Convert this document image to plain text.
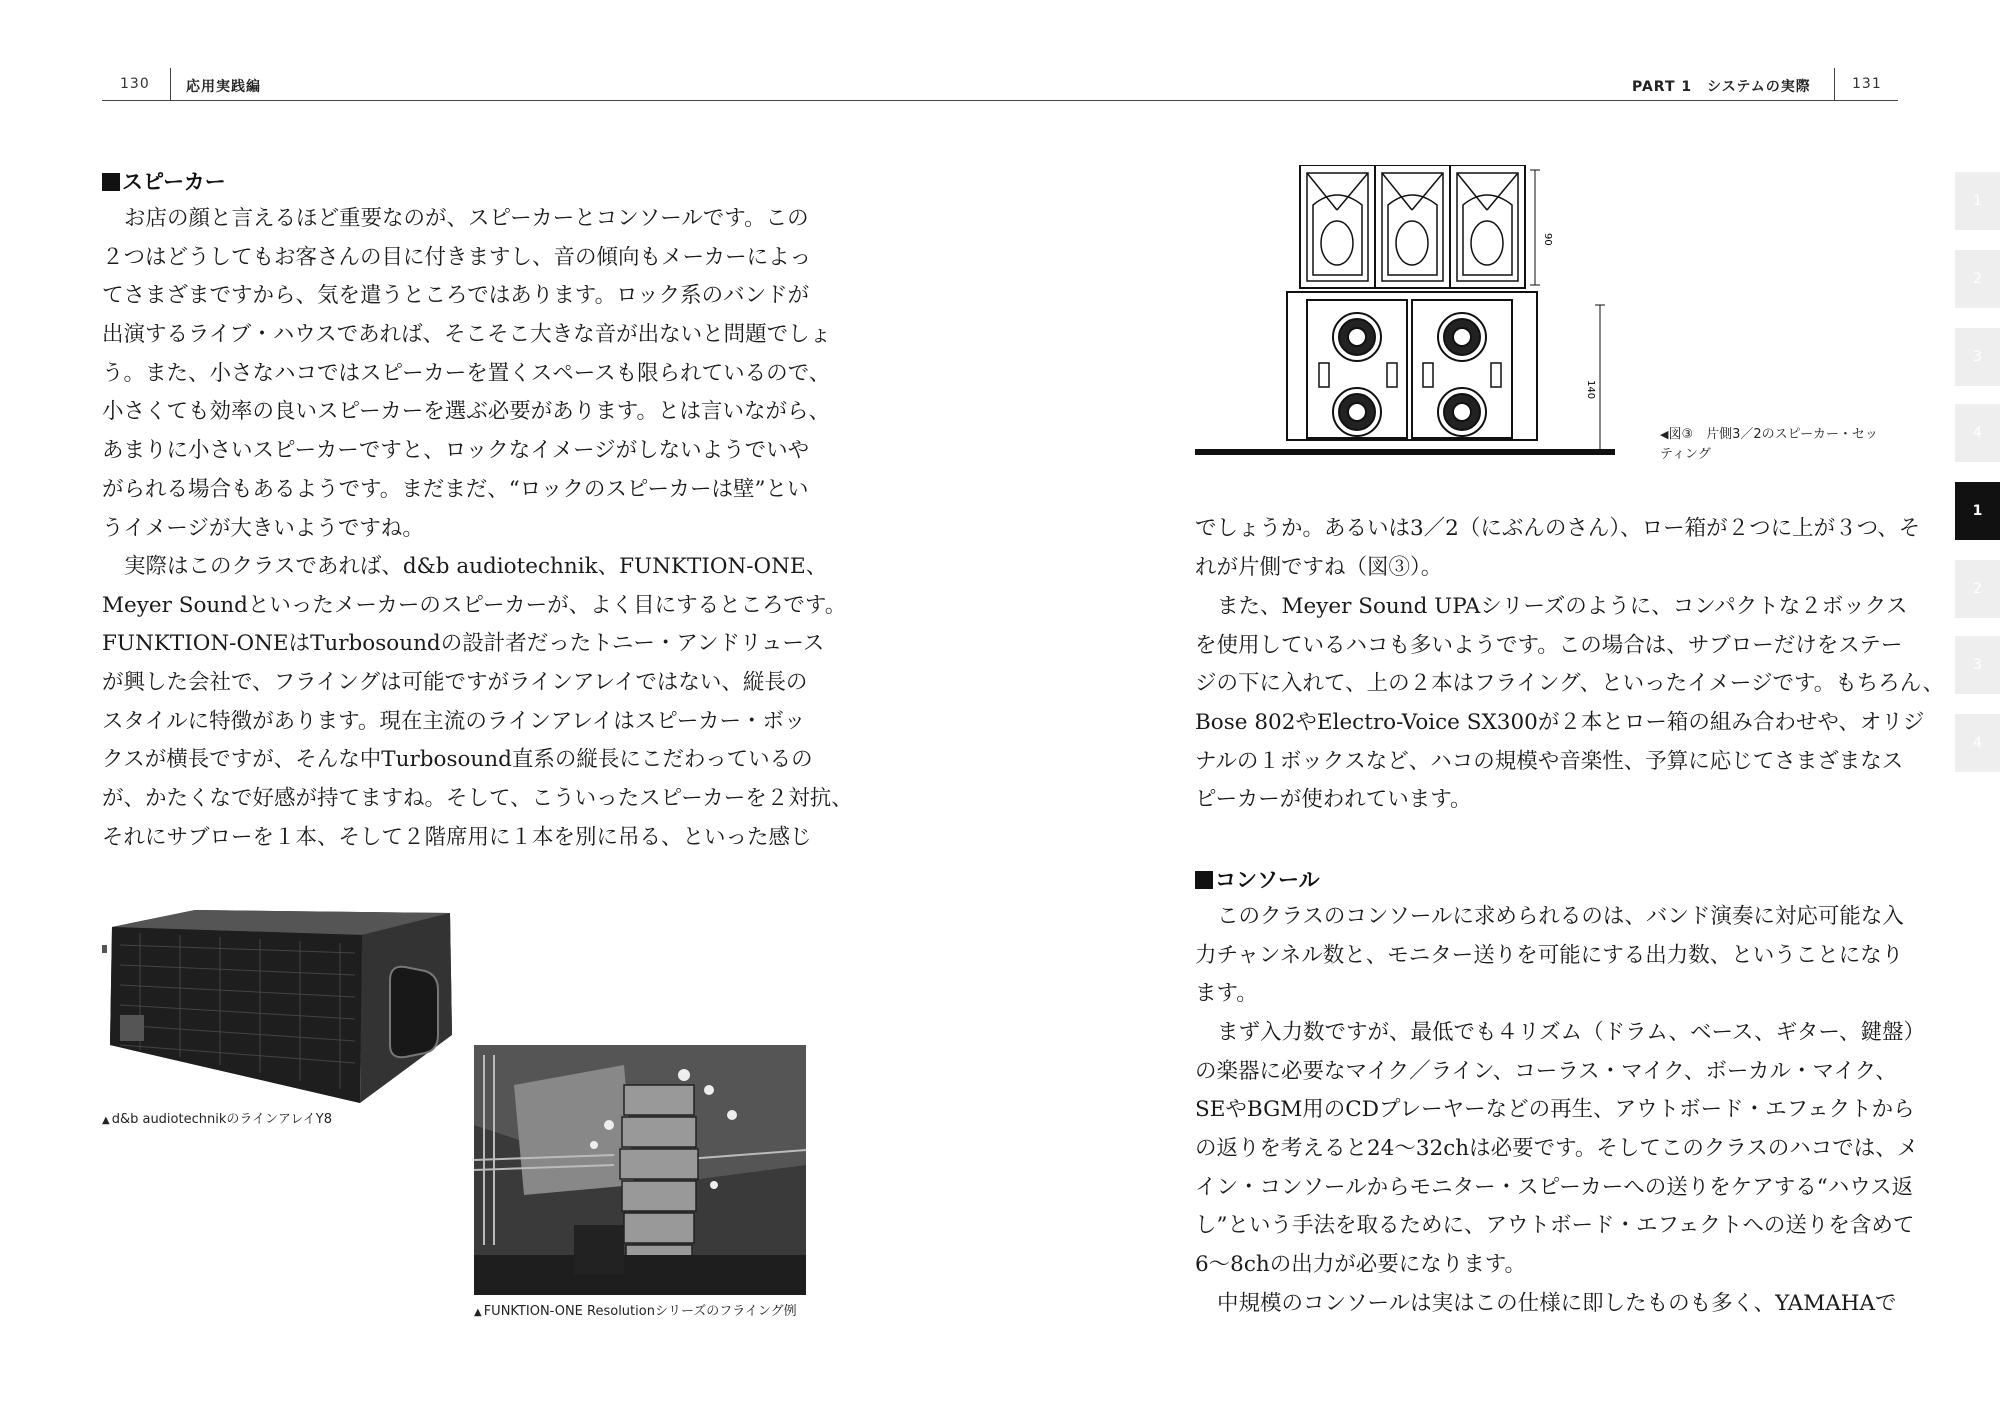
130	応用実践編	PART 1　システムの実際	131
1
2
3
4
1
2
3
4
スピーカー
お店の顔と言えるほど重要なのが、スピーカーとコンソールです。この
２つはどうしてもお客さんの目に付きますし、音の傾向もメーカーによっ
てさまざまですから、気を遣うところではあります。ロック系のバンドが
出演するライブ・ハウスであれば、そこそこ大きな音が出ないと問題でしょ
う。また、小さなハコではスピーカーを置くスペースも限られているので、
小さくても効率の良いスピーカーを選ぶ必要があります。とは言いながら、
あまりに小さいスピーカーですと、ロックなイメージがしないようでいや
がられる場合もあるようです。まだまだ、“ロックのスピーカーは壁”とい
うイメージが大きいようですね。
実際はこのクラスであれば、d&b audiotechnik、FUNKTION-ONE、
Meyer Soundといったメーカーのスピーカーが、よく目にするところです。
FUNKTION-ONEはTurbosoundの設計者だったトニー・アンドリュース
が興した会社で、フライングは可能ですがラインアレイではない、縦長の
スタイルに特徴があります。現在主流のラインアレイはスピーカー・ボッ
クスが横長ですが、そんな中Turbosound直系の縦長にこだわっているの
が、かたくなで好感が持てますね。そして、こういったスピーカーを２対抗、
それにサブローを１本、そして２階席用に１本を別に吊る、といった感じ
▲ d&b audiotechnikのラインアレイY8
▲ FUNKTION-ONE Resolutionシリーズのフライング例
90
140
◀図③　片側3／2のスピーカー・セッ
ティング
でしょうか。あるいは3／2（にぶんのさん）、ロー箱が２つに上が３つ、そ
れが片側ですね（図③）。
また、Meyer Sound UPAシリーズのように、コンパクトな２ボックス
を使用しているハコも多いようです。この場合は、サブローだけをステー
ジの下に入れて、上の２本はフライング、といったイメージです。もちろん、
Bose 802やElectro-Voice SX300が２本とロー箱の組み合わせや、オリジ
ナルの１ボックスなど、ハコの規模や音楽性、予算に応じてさまざまなス
ピーカーが使われています。
コンソール
このクラスのコンソールに求められるのは、バンド演奏に対応可能な入
力チャンネル数と、モニター送りを可能にする出力数、ということになり
ます。
まず入力数ですが、最低でも４リズム（ドラム、ベース、ギター、鍵盤）
の楽器に必要なマイク／ライン、コーラス・マイク、ボーカル・マイク、
SEやBGM用のCDプレーヤーなどの再生、アウトボード・エフェクトから
の返りを考えると24〜32chは必要です。そしてこのクラスのハコでは、メ
イン・コンソールからモニター・スピーカーへの送りをケアする“ハウス返
し”という手法を取るために、アウトボード・エフェクトへの送りを含めて
6〜8chの出力が必要になります。
中規模のコンソールは実はこの仕様に即したものも多く、YAMAHAで
